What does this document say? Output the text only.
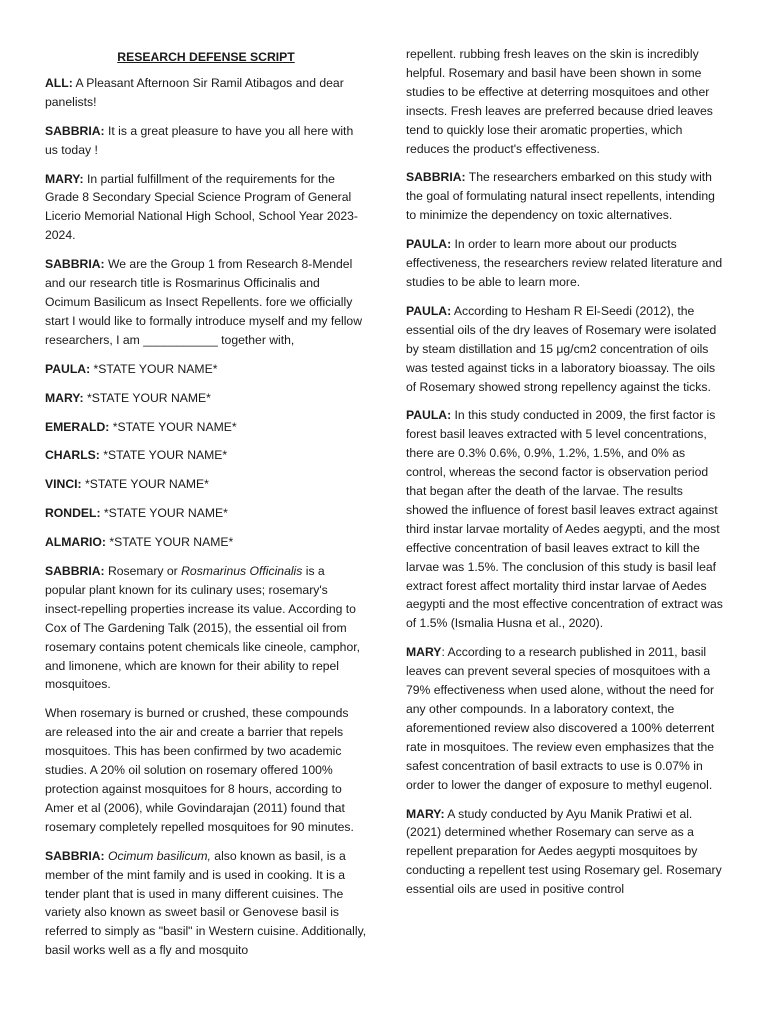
RESEARCH DEFENSE SCRIPT

ALL: A Pleasant Afternoon Sir Ramil Atibagos and dear panelists!

SABBRIA: It is a great pleasure to have you all here with us today !

MARY: In partial fulfillment of the requirements for the Grade 8 Secondary Special Science Program of General Licerio Memorial National High School, School Year 2023-2024.

SABBRIA: We are the Group 1 from Research 8-Mendel and our research title is Rosmarinus Officinalis and Ocimum Basilicum as Insect Repellents. fore we officially start I would like to formally introduce myself and my fellow researchers, I am ___________ together with,

PAULA: *STATE YOUR NAME*

MARY: *STATE YOUR NAME*

EMERALD: *STATE YOUR NAME*

CHARLS: *STATE YOUR NAME*

VINCI: *STATE YOUR NAME*

RONDEL: *STATE YOUR NAME*

ALMARIO: *STATE YOUR NAME*

SABBRIA: Rosemary or Rosmarinus Officinalis is a popular plant known for its culinary uses; rosemary's insect-repelling properties increase its value. According to Cox of The Gardening Talk (2015), the essential oil from rosemary contains potent chemicals like cineole, camphor, and limonene, which are known for their ability to repel mosquitoes.

When rosemary is burned or crushed, these compounds are released into the air and create a barrier that repels mosquitoes. This has been confirmed by two academic studies. A 20% oil solution on rosemary offered 100% protection against mosquitoes for 8 hours, according to Amer et al (2006), while Govindarajan (2011) found that rosemary completely repelled mosquitoes for 90 minutes.

SABBRIA: Ocimum basilicum, also known as basil, is a member of the mint family and is used in cooking. It is a tender plant that is used in many different cuisines. The variety also known as sweet basil or Genovese basil is referred to simply as "basil" in Western cuisine. Additionally, basil works well as a fly and mosquito

repellent. rubbing fresh leaves on the skin is incredibly helpful. Rosemary and basil have been shown in some studies to be effective at deterring mosquitoes and other insects. Fresh leaves are preferred because dried leaves tend to quickly lose their aromatic properties, which reduces the product's effectiveness.

SABBRIA: The researchers embarked on this study with the goal of formulating natural insect repellents, intending to minimize the dependency on toxic alternatives.

PAULA: In order to learn more about our products effectiveness, the researchers review related literature and studies to be able to learn more.

PAULA: According to Hesham R El-Seedi (2012), the essential oils of the dry leaves of Rosemary were isolated by steam distillation and 15 μg/cm2 concentration of oils was tested against ticks in a laboratory bioassay. The oils of Rosemary showed strong repellency against the ticks.

PAULA: In this study conducted in 2009, the first factor is forest basil leaves extracted with 5 level concentrations, there are 0.3% 0.6%, 0.9%, 1.2%, 1.5%, and 0% as control, whereas the second factor is observation period that began after the death of the larvae. The results showed the influence of forest basil leaves extract against third instar larvae mortality of Aedes aegypti, and the most effective concentration of basil leaves extract to kill the larvae was 1.5%. The conclusion of this study is basil leaf extract forest affect mortality third instar larvae of Aedes aegypti and the most effective concentration of extract was of 1.5% (Ismalia Husna et al., 2020).

MARY: According to a research published in 2011, basil leaves can prevent several species of mosquitoes with a 79% effectiveness when used alone, without the need for any other compounds. In a laboratory context, the aforementioned review also discovered a 100% deterrent rate in mosquitoes. The review even emphasizes that the safest concentration of basil extracts to use is 0.07% in order to lower the danger of exposure to methyl eugenol.

MARY: A study conducted by Ayu Manik Pratiwi et al. (2021) determined whether Rosemary can serve as a repellent preparation for Aedes aegypti mosquitoes by conducting a repellent test using Rosemary gel. Rosemary essential oils are used in positive control
